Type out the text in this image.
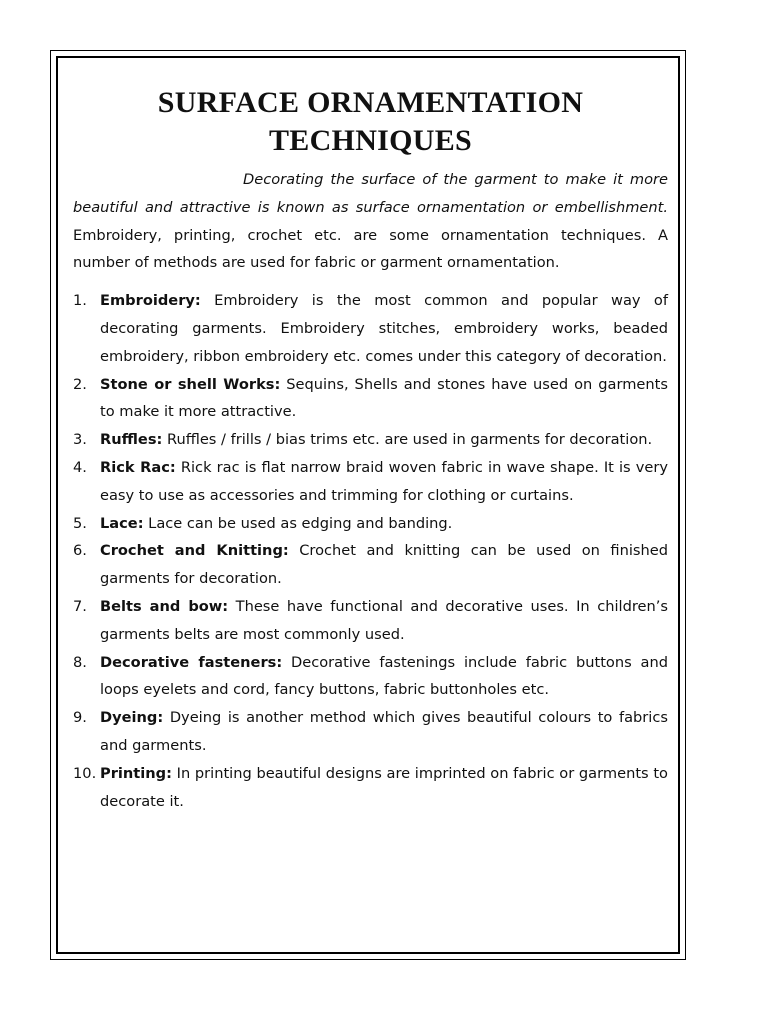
SURFACE ORNAMENTATION
TECHNIQUES

Decorating the surface of the garment to make it more beautiful and attractive is known as surface ornamentation or embellishment. Embroidery, printing, crochet etc. are some ornamentation techniques. A number of methods are used for fabric or garment ornamentation.

1. Embroidery: Embroidery is the most common and popular way of decorating garments. Embroidery stitches, embroidery works, beaded embroidery, ribbon embroidery etc. comes under this category of decoration.
2. Stone or shell Works: Sequins, Shells and stones have used on garments to make it more attractive.
3. Ruffles: Ruffles / frills / bias trims etc. are used in garments for decoration.
4. Rick Rac: Rick rac is flat narrow braid woven fabric in wave shape. It is very easy to use as accessories and trimming for clothing or curtains.
5. Lace: Lace can be used as edging and banding.
6. Crochet and Knitting: Crochet and knitting can be used on finished garments for decoration.
7. Belts and bow: These have functional and decorative uses. In children’s garments belts are most commonly used.
8. Decorative fasteners: Decorative fastenings include fabric buttons and loops eyelets and cord, fancy buttons, fabric buttonholes etc.
9. Dyeing: Dyeing is another method which gives beautiful colours to fabrics and garments.
10. Printing: In printing beautiful designs are imprinted on fabric or garments to decorate it.
